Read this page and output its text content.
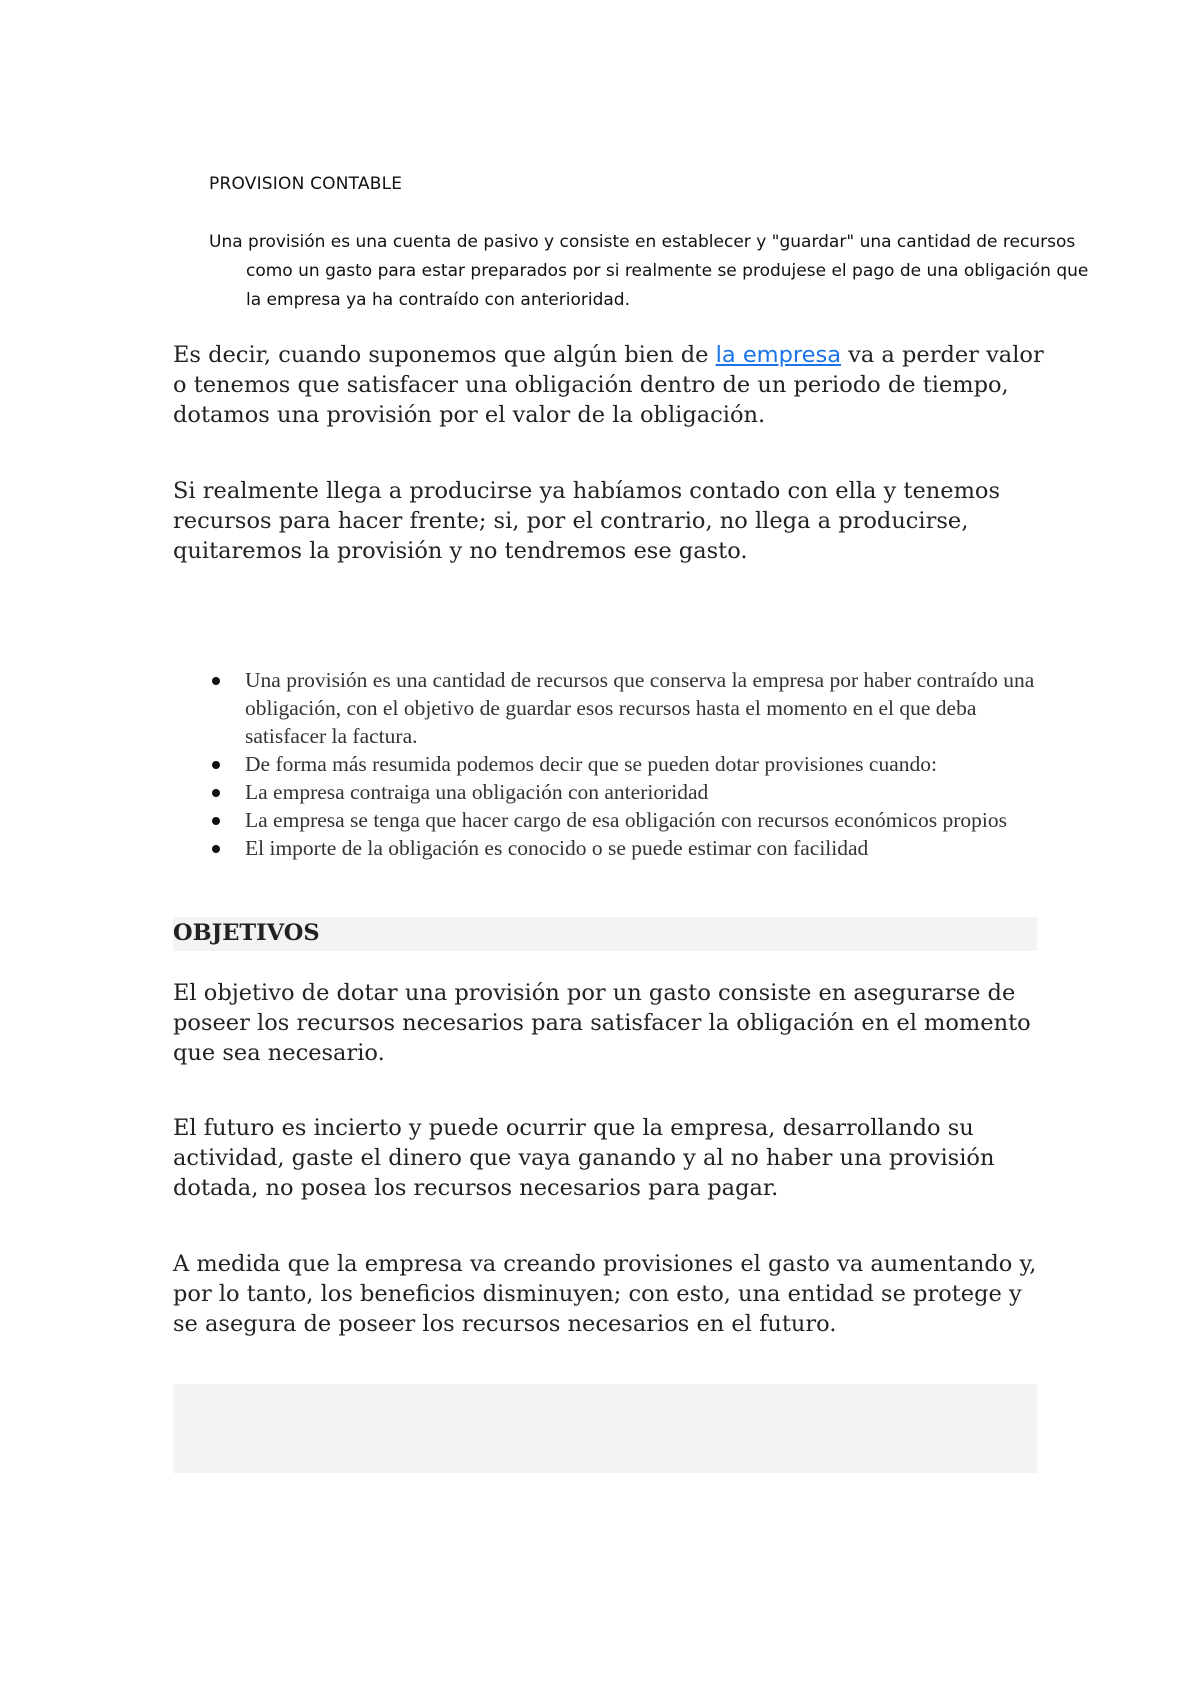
PROVISION CONTABLE

Una provisión es una cuenta de pasivo y consiste en establecer y "guardar" una cantidad de recursos como un gasto para estar preparados por si realmente se produjese el pago de una obligación que la empresa ya ha contraído con anterioridad.

Es decir, cuando suponemos que algún bien de la empresa va a perder valor o tenemos que satisfacer una obligación dentro de un periodo de tiempo, dotamos una provisión por el valor de la obligación.

Si realmente llega a producirse ya habíamos contado con ella y tenemos recursos para hacer frente; si, por el contrario, no llega a producirse, quitaremos la provisión y no tendremos ese gasto.

Una provisión es una cantidad de recursos que conserva la empresa por haber contraído una obligación, con el objetivo de guardar esos recursos hasta el momento en el que deba satisfacer la factura.
De forma más resumida podemos decir que se pueden dotar provisiones cuando:
La empresa contraiga una obligación con anterioridad
La empresa se tenga que hacer cargo de esa obligación con recursos económicos propios
El importe de la obligación es conocido o se puede estimar con facilidad
OBJETIVOS

El objetivo de dotar una provisión por un gasto consiste en asegurarse de poseer los recursos necesarios para satisfacer la obligación en el momento que sea necesario.

El futuro es incierto y puede ocurrir que la empresa, desarrollando su actividad, gaste el dinero que vaya ganando y al no haber una provisión dotada, no posea los recursos necesarios para pagar.

A medida que la empresa va creando provisiones el gasto va aumentando y, por lo tanto, los beneficios disminuyen; con esto, una entidad se protege y se asegura de poseer los recursos necesarios en el futuro.
